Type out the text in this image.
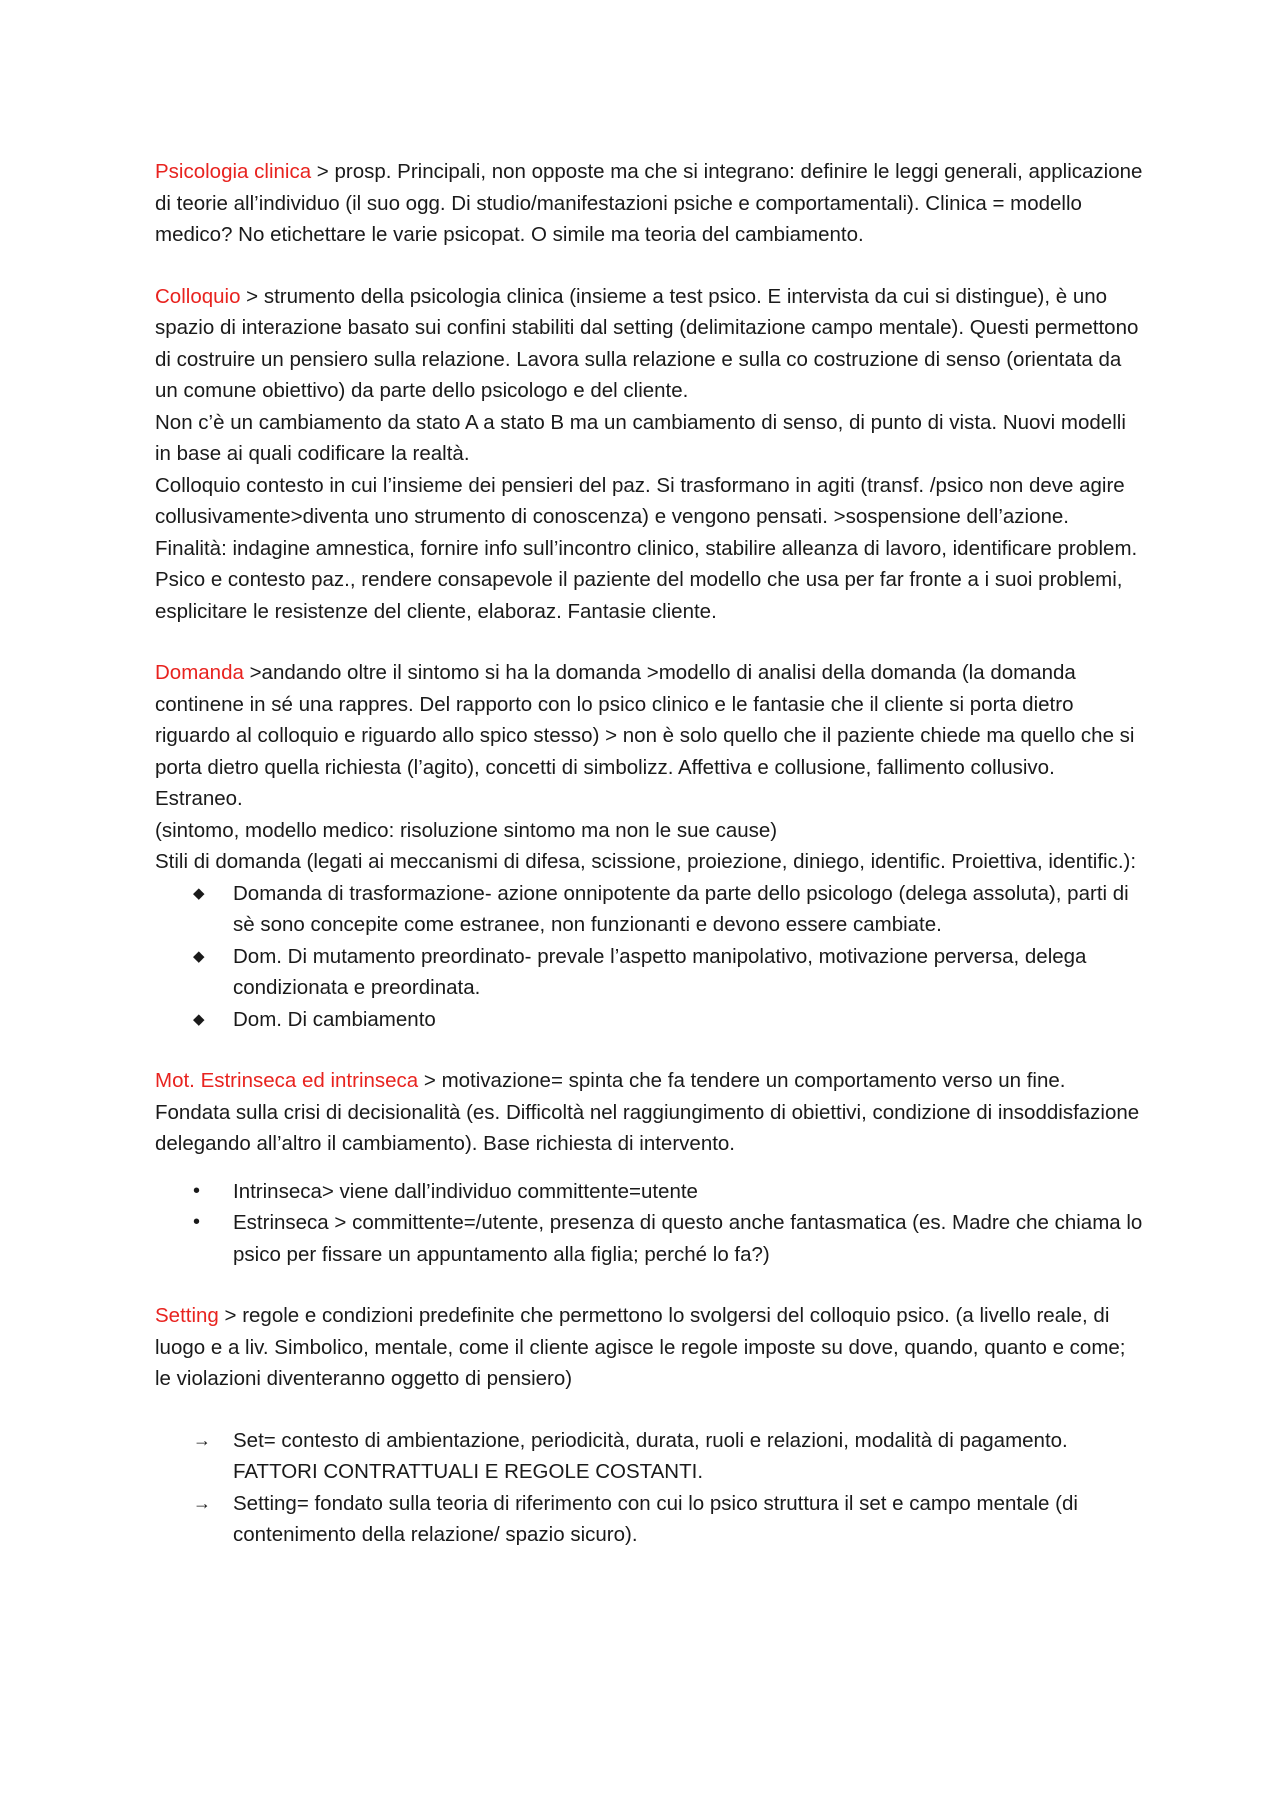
Psicologia clinica > prosp. Principali, non opposte ma che si integrano: definire le leggi generali, applicazione di teorie all’individuo (il suo ogg. Di studio/manifestazioni psiche e comportamentali). Clinica = modello medico? No etichettare le varie psicopat. O simile ma teoria del cambiamento.

Colloquio > strumento della psicologia clinica (insieme a test psico. E intervista da cui si distingue), è uno spazio di interazione basato sui confini stabiliti dal setting (delimitazione campo mentale). Questi permettono di costruire un pensiero sulla relazione. Lavora sulla relazione e sulla co costruzione di senso (orientata da un comune obiettivo) da parte dello psicologo e del cliente.

Non c’è un cambiamento da stato A a stato B ma un cambiamento di senso, di punto di vista. Nuovi modelli in base ai quali codificare la realtà.

Colloquio contesto in cui l’insieme dei pensieri del paz. Si trasformano in agiti (transf. /psico non deve agire collusivamente>diventa uno strumento di conoscenza) e vengono pensati. >sospensione dell’azione.

Finalità: indagine amnestica, fornire info sull’incontro clinico, stabilire alleanza di lavoro, identificare problem. Psico e contesto paz., rendere consapevole il paziente del modello che usa per far fronte a i suoi problemi, esplicitare le resistenze del cliente, elaboraz. Fantasie cliente.

Domanda >andando oltre il sintomo si ha la domanda >modello di analisi della domanda (la domanda continene in sé una rappres. Del rapporto con lo psico clinico e le fantasie che il cliente si porta dietro riguardo al colloquio e riguardo allo spico stesso) > non è solo quello che il paziente chiede ma quello che si porta dietro quella richiesta (l’agito), concetti di simbolizz. Affettiva e collusione, fallimento collusivo. Estraneo.

(sintomo, modello medico: risoluzione sintomo ma non le sue cause)

Stili di domanda (legati ai meccanismi di difesa, scissione, proiezione, diniego, identific. Proiettiva, identific.):

◆	Domanda di trasformazione- azione onnipotente da parte dello psicologo (delega assoluta), parti di sè sono concepite come estranee, non funzionanti e devono essere cambiate.
◆	Dom. Di mutamento preordinato- prevale l’aspetto manipolativo, motivazione perversa, delega condizionata e preordinata.
◆	Dom. Di cambiamento

Mot. Estrinseca ed intrinseca > motivazione= spinta che fa tendere un comportamento verso un fine. Fondata sulla crisi di decisionalità (es. Difficoltà nel raggiungimento di obiettivi, condizione di insoddisfazione delegando all’altro il cambiamento). Base richiesta di intervento.

•	Intrinseca> viene dall’individuo committente=utente
•	Estrinseca > committente=/utente, presenza di questo anche fantasmatica (es. Madre che chiama lo psico per fissare un appuntamento alla figlia; perché lo fa?)

Setting > regole e condizioni predefinite che permettono lo svolgersi del colloquio psico. (a livello reale, di luogo e a liv. Simbolico, mentale, come il cliente agisce le regole imposte su dove, quando, quanto e come; le violazioni diventeranno oggetto di pensiero)

→ Set= contesto di ambientazione, periodicità, durata, ruoli e relazioni, modalità di pagamento. FATTORI CONTRATTUALI E REGOLE COSTANTI.
→ Setting= fondato sulla teoria di riferimento con cui lo psico struttura il set e campo mentale (di contenimento della relazione/ spazio sicuro).
